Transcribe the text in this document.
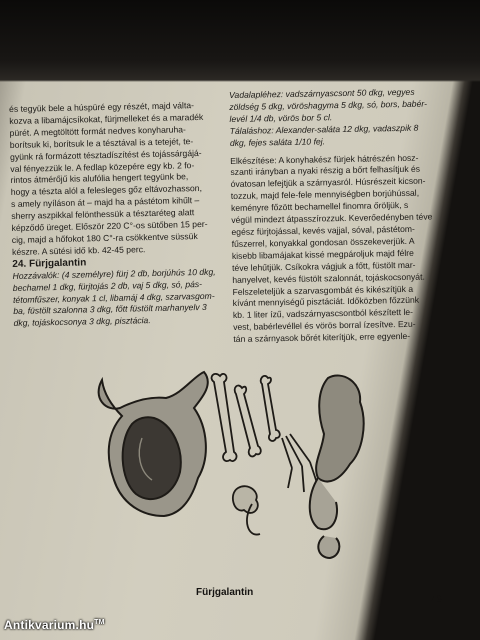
és tegyük bele a húspüré egy részét, majd válta-

kozva a libamájcsíkokat, fürjmelleket és a maradék

pürét. A megtöltött formát nedves konyharuha-

borítsuk ki, borítsuk le a tésztával is a tetejét, te-

gyünk rá formázott tésztadíszítést és tojássárgájá-

val fényezzük le. A fedlap közepére egy kb. 2 fo-

rintos átmérőjű kis alufólia hengert tegyünk be,

hogy a tészta alól a felesleges gőz eltávozhasson,

s amely nyíláson át – majd ha a pástétom kihűlt –

sherry aszpikkal felönthessük a tésztaréteg alatt

képződő üreget. Először 220 C°-os sütőben 15 per-

cig, majd a hőfokot 180 C°-ra csökkentve süssük

készre. A sütési idő kb. 42-45 perc.

24. Fürjgalantin

Hozzávalók: (4 személyre) fürj 2 db, borjúhús 10 dkg,

bechamel 1 dkg, fürjtojás 2 db, vaj 5 dkg, só, pás-

tétomfűszer, konyak 1 cl, libamáj 4 dkg, szarvasgom-

ba, füstölt szalonna 3 dkg, főtt füstölt marhanyelv 3

dkg, tojáskocsonya 3 dkg, pisztácia.

Vadalapléhez: vadszárnyascsont 50 dkg, vegyes

zöldség 5 dkg, vöröshagyma 5 dkg, só, bors, babér-

levél 1/4 db, vörös bor 5 cl.

Tálaláshoz: Alexander-saláta 12 dkg, vadaszpik 8

dkg, fejes saláta 1/10 fej.

Elkészítése: A konyhakész fürjek hátrészén hosz-

szanti irányban a nyaki részig a bőrt felhasítjuk és

óvatosan lefejtjük a szárnyasról. Húsrészeit kicson-

tozzuk, majd fele-fele mennyiségben borjúhússal,

keményre főzött bechamellel finomra őröljük, s

végül mindezt átpasszírozzuk. Keverőedényben téve

egész fürjtojással, kevés vajjal, sóval, pástétom-

fűszerrel, konyakkal gondosan összekeverjük. A

kisebb libamájakat kissé megpároljuk majd félre

téve lehűtjük. Csíkokra vágjuk a főtt, füstölt mar-

hanyelvet, kevés füstölt szalonnát, tojáskocsonyát.

Felszeleteljük a szarvasgombát és kikészítjük a

kívánt mennyiségű pisztáciát. Időközben főzzünk

kb. 1 liter ízű, vadszárnyascsontból készített le-

vest, babérlevéllel és vörös borral ízesítve. Ezu-

tán a szárnyasok bőrét kiterítjük, erre egyenle-

Fürjgalantin
49
Antikvarium.hu™
